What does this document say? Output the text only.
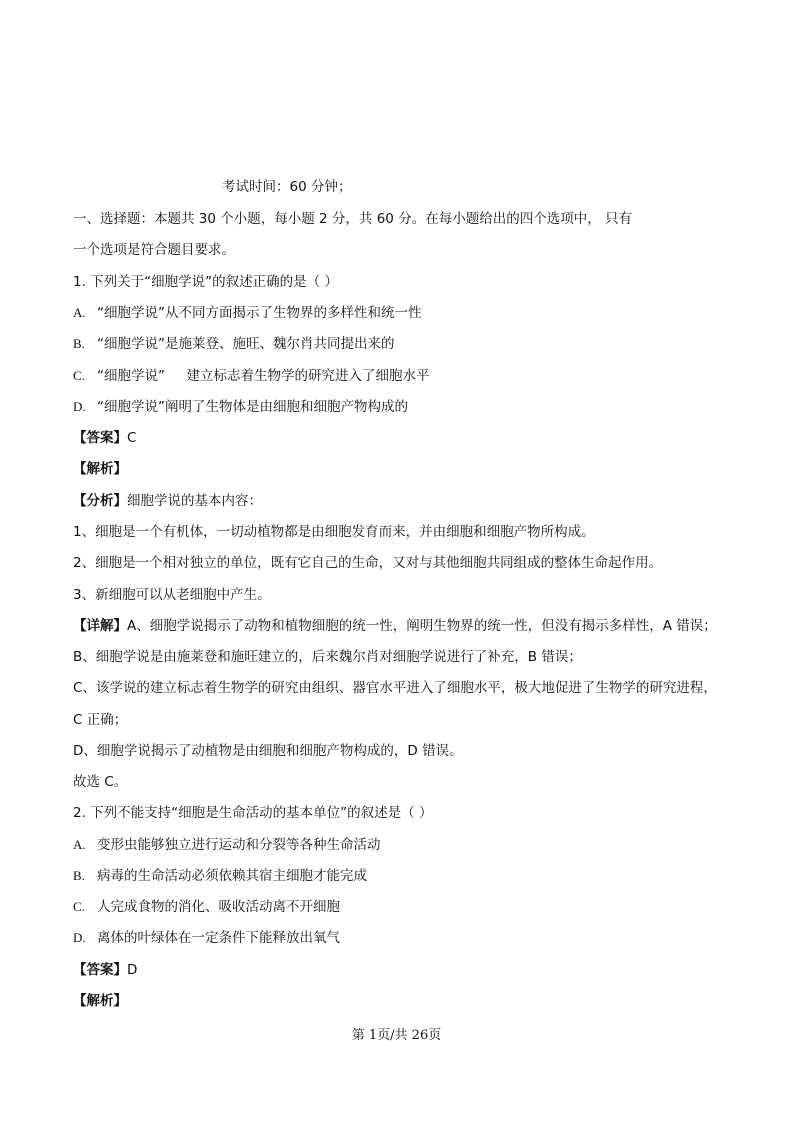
考试时间：60 分钟；
一、选择题：本题共 30 个小题，每小题 2 分，共 60 分。在每小题给出的四个选项中， 只有
一个选项是符合题目要求。
1. 下列关于“细胞学说”的叙述正确的是（ ）
A. “细胞学说”从不同方面揭示了生物界的多样性和统一性
B. “细胞学说”是施莱登、施旺、魏尔肖共同提出来的
C. “细胞学说”     建立标志着生物学的研究进入了细胞水平
D. “细胞学说”阐明了生物体是由细胞和细胞产物构成的
【答案】C
【解析】
【分析】细胞学说的基本内容：
1、细胞是一个有机体，一切动植物都是由细胞发育而来，并由细胞和细胞产物所构成。
2、细胞是一个相对独立的单位，既有它自己的生命，又对与其他细胞共同组成的整体生命起作用。
3、新细胞可以从老细胞中产生。
【详解】A、细胞学说揭示了动物和植物细胞的统一性，阐明生物界的统一性，但没有揭示多样性，A 错误；
B、细胞学说是由施莱登和施旺建立的，后来魏尔肖对细胞学说进行了补充，B 错误；
C、该学说的建立标志着生物学的研究由组织、器官水平进入了细胞水平，极大地促进了生物学的研究进程，
C 正确；
D、细胞学说揭示了动植物是由细胞和细胞产物构成的，D 错误。
故选 C。
2. 下列不能支持“细胞是生命活动的基本单位”的叙述是（ ）
A. 变形虫能够独立进行运动和分裂等各种生命活动
B. 病毒的生命活动必须依赖其宿主细胞才能完成
C. 人完成食物的消化、吸收活动离不开细胞
D. 离体的叶绿体在一定条件下能释放出氧气
【答案】D
【解析】
第 1页/共 26页
